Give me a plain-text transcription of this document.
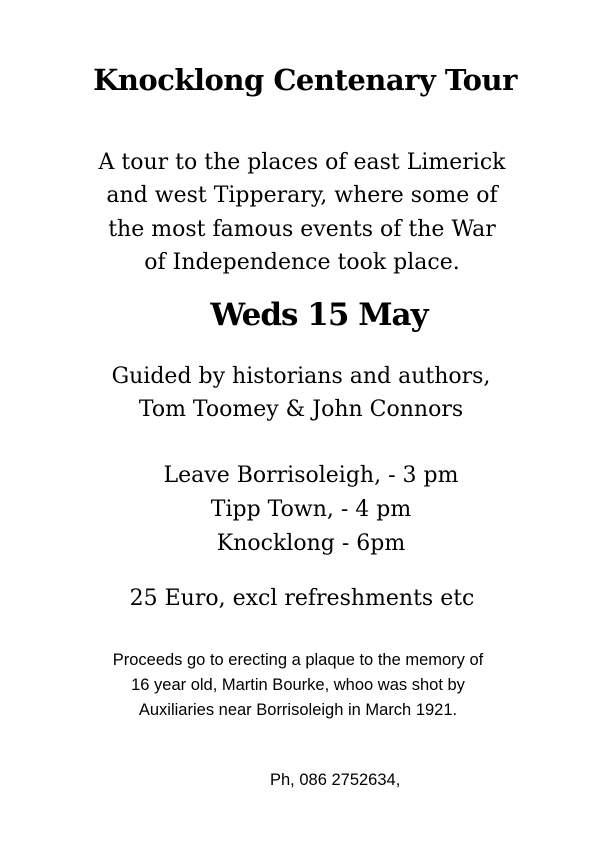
Knocklong Centenary Tour

A tour to the places of east Limerick
and west Tipperary, where some of
the most famous events of the War
of Independence took place.

Weds 15 May

Guided by historians and authors,
Tom Toomey & John Connors

Leave Borrisoleigh, - 3 pm
Tipp Town, - 4 pm
Knocklong - 6pm

25 Euro, excl refreshments etc

Proceeds go to erecting a plaque to the memory of
16 year old, Martin Bourke, whoo was shot by
Auxiliaries near Borrisoleigh in March 1921.

Ph, 086 2752634,
